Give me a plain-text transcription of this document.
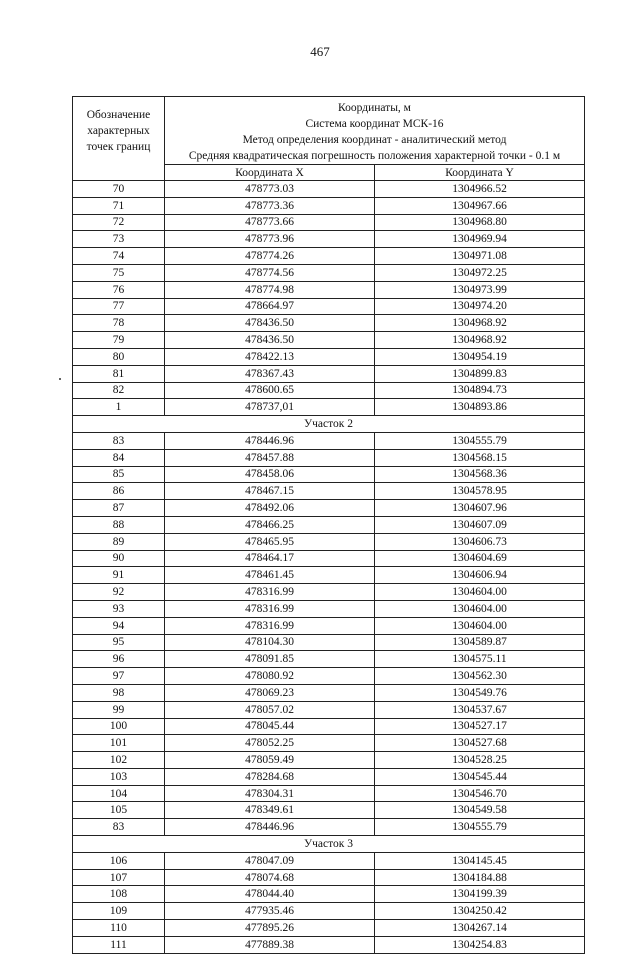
467
Обозначение характерных точек границ	Координаты, м
Система координат МСК-16
Метод определения координат - аналитический метод
Средняя квадратическая погрешность положения характерной точки - 0.1 м	

	Координата X	Координата Y
70	478773.03	1304966.52
71	478773.36	1304967.66
72	478773.66	1304968.80
73	478773.96	1304969.94
74	478774.26	1304971.08
75	478774.56	1304972.25
76	478774.98	1304973.99
77	478664.97	1304974.20
78	478436.50	1304968.92
79	478436.50	1304968.92
80	478422.13	1304954.19
81	478367.43	1304899.83
82	478600.65	1304894.73
1	478737,01	1304893.86
Участок 2		
83	478446.96	1304555.79
84	478457.88	1304568.15
85	478458.06	1304568.36
86	478467.15	1304578.95
87	478492.06	1304607.96
88	478466.25	1304607.09
89	478465.95	1304606.73
90	478464.17	1304604.69
91	478461.45	1304606.94
92	478316.99	1304604.00
93	478316.99	1304604.00
94	478316.99	1304604.00
95	478104.30	1304589.87
96	478091.85	1304575.11
97	478080.92	1304562.30
98	478069.23	1304549.76
99	478057.02	1304537.67
100	478045.44	1304527.17
101	478052.25	1304527.68
102	478059.49	1304528.25
103	478284.68	1304545.44
104	478304.31	1304546.70
105	478349.61	1304549.58
83	478446.96	1304555.79
Участок 3		
106	478047.09	1304145.45
107	478074.68	1304184.88
108	478044.40	1304199.39
109	477935.46	1304250.42
110	477895.26	1304267.14
111	477889.38	1304254.83
